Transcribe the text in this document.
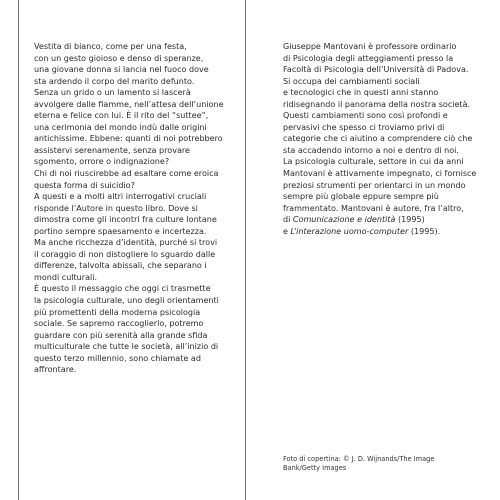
Vestita di bianco, come per una festa,
con un gesto gioioso e denso di speranze,
una giovane donna si lancia nel fuoco dove
sta ardendo il corpo del marito defunto.
Senza un grido o un lamento si lascerà
avvolgere dalle fiamme, nell’attesa dell’unione
eterna e felice con lui. È il rito del “suttee”,
una cerimonia del mondo indù dalle origini
antichissime. Ebbene: quanti di noi potrebbero
assistervi serenamente, senza provare
sgomento, orrore o indignazione?
Chi di noi riuscirebbe ad esaltare come eroica
questa forma di suicidio?
A questi e a molti altri interrogativi cruciali
risponde l’Autore in questo libro. Dove si
dimostra come gli incontri fra culture lontane
portino sempre spaesamento e incertezza.
Ma anche ricchezza d’identità, purché si trovi
il coraggio di non distogliere lo sguardo dalle
differenze, talvolta abissali, che separano i
mondi culturali.
È questo il messaggio che oggi ci trasmette
la psicologia culturale, uno degli orientamenti
più promettenti della moderna psicologia
sociale. Se sapremo raccoglierlo, potremo
guardare con più serenità alla grande sfida
multiculturale che tutte le società, all’inizio di
questo terzo millennio, sono chiamate ad
affrontare.
Giuseppe Mantovani è professore ordinario
di Psicologia degli atteggiamenti presso la
Facoltà di Psicologia dell’Università di Padova.
Si occupa dei cambiamenti sociali
e tecnologici che in questi anni stanno
ridisegnando il panorama della nostra società.
Questi cambiamenti sono così profondi e
pervasivi che spesso ci troviamo privi di
categorie che ci aiutino a comprendere ciò che
sta accadendo intorno a noi e dentro di noi.
La psicologia culturale, settore in cui da anni
Mantovani è attivamente impegnato, ci fornisce
preziosi strumenti per orientarci in un mondo
sempre più globale eppure sempre più
frammentato. Mantovani è autore, fra l’altro,
di Comunicazione e identità (1995)
e L’interazione uomo-computer (1995).
Foto di copertina: © J. D. Wijnands/The Image
Bank/Getty Images
